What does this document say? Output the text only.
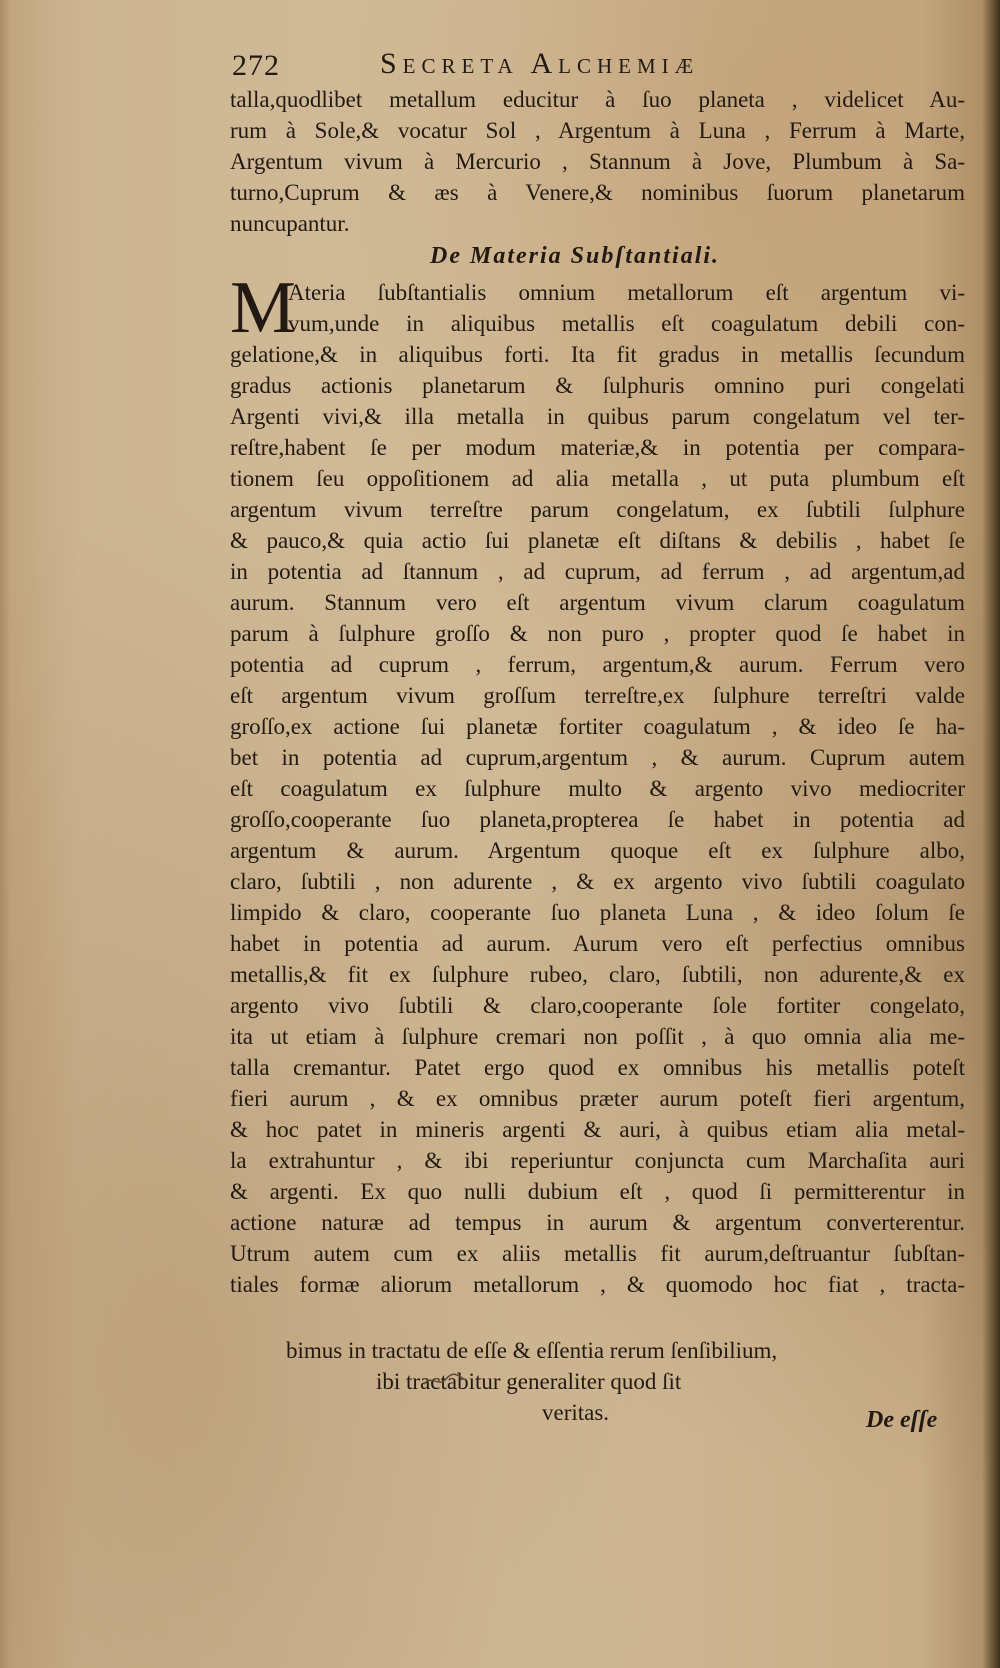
272	Secreta Alchemiæ
talla,quodlibet metallum educitur à ſuo planeta , videlicet Au-
rum à Sole,& vocatur Sol , Argentum à Luna , Ferrum à Marte,
Argentum vivum à Mercurio , Stannum à Jove, Plumbum à Sa-
turno,Cuprum & æs à Venere,& nominibus ſuorum planetarum
nuncupantur.
De Materia Subſtantiali.
M
Ateria ſubſtantialis omnium metallorum eſt argentum vi-
vum,unde in aliquibus metallis eſt coagulatum debili con-
gelatione,& in aliquibus forti. Ita fit gradus in metallis ſecundum
gradus actionis planetarum & ſulphuris omnino puri congelati
Argenti vivi,& illa metalla in quibus parum congelatum vel ter-
reſtre,habent ſe per modum materiæ,& in potentia per compara-
tionem ſeu oppoſitionem ad alia metalla , ut puta plumbum eſt
argentum vivum terreſtre parum congelatum, ex ſubtili ſulphure
& pauco,& quia actio ſui planetæ eſt diſtans & debilis , habet ſe
in potentia ad ſtannum , ad cuprum, ad ferrum , ad argentum,ad
aurum. Stannum vero eſt argentum vivum clarum coagulatum
parum à ſulphure groſſo & non puro , propter quod ſe habet in
potentia ad cuprum , ferrum, argentum,& aurum. Ferrum vero
eſt argentum vivum groſſum terreſtre,ex ſulphure terreſtri valde
groſſo,ex actione ſui planetæ fortiter coagulatum , & ideo ſe ha-
bet in potentia ad cuprum,argentum , & aurum. Cuprum autem
eſt coagulatum ex ſulphure multo & argento vivo mediocriter
groſſo,cooperante ſuo planeta,propterea ſe habet in potentia ad
argentum & aurum. Argentum quoque eſt ex ſulphure albo,
claro, ſubtili , non adurente , & ex argento vivo ſubtili coagulato
limpido & claro, cooperante ſuo planeta Luna , & ideo ſolum ſe
habet in potentia ad aurum. Aurum vero eſt perfectius omnibus
metallis,& fit ex ſulphure rubeo, claro, ſubtili, non adurente,& ex
argento vivo ſubtili & claro,cooperante ſole fortiter congelato,
ita ut etiam à ſulphure cremari non poſſit , à quo omnia alia me-
talla cremantur. Patet ergo quod ex omnibus his metallis poteſt
fieri aurum , & ex omnibus præter aurum poteſt fieri argentum,
& hoc patet in mineris argenti & auri, à quibus etiam alia metal-
la extrahuntur , & ibi reperiuntur conjuncta cum Marchaſita auri
& argenti. Ex quo nulli dubium eſt , quod ſi permitterentur in
actione naturæ ad tempus in aurum & argentum converterentur.
Utrum autem cum ex aliis metallis fit aurum,deſtruantur ſubſtan-
tiales formæ aliorum metallorum , & quomodo hoc fiat , tracta-
bimus in tractatu de eſſe & eſſentia rerum ſenſibilium,
ibi tractabitur generaliter quod ſit
veritas.	De eſſe
